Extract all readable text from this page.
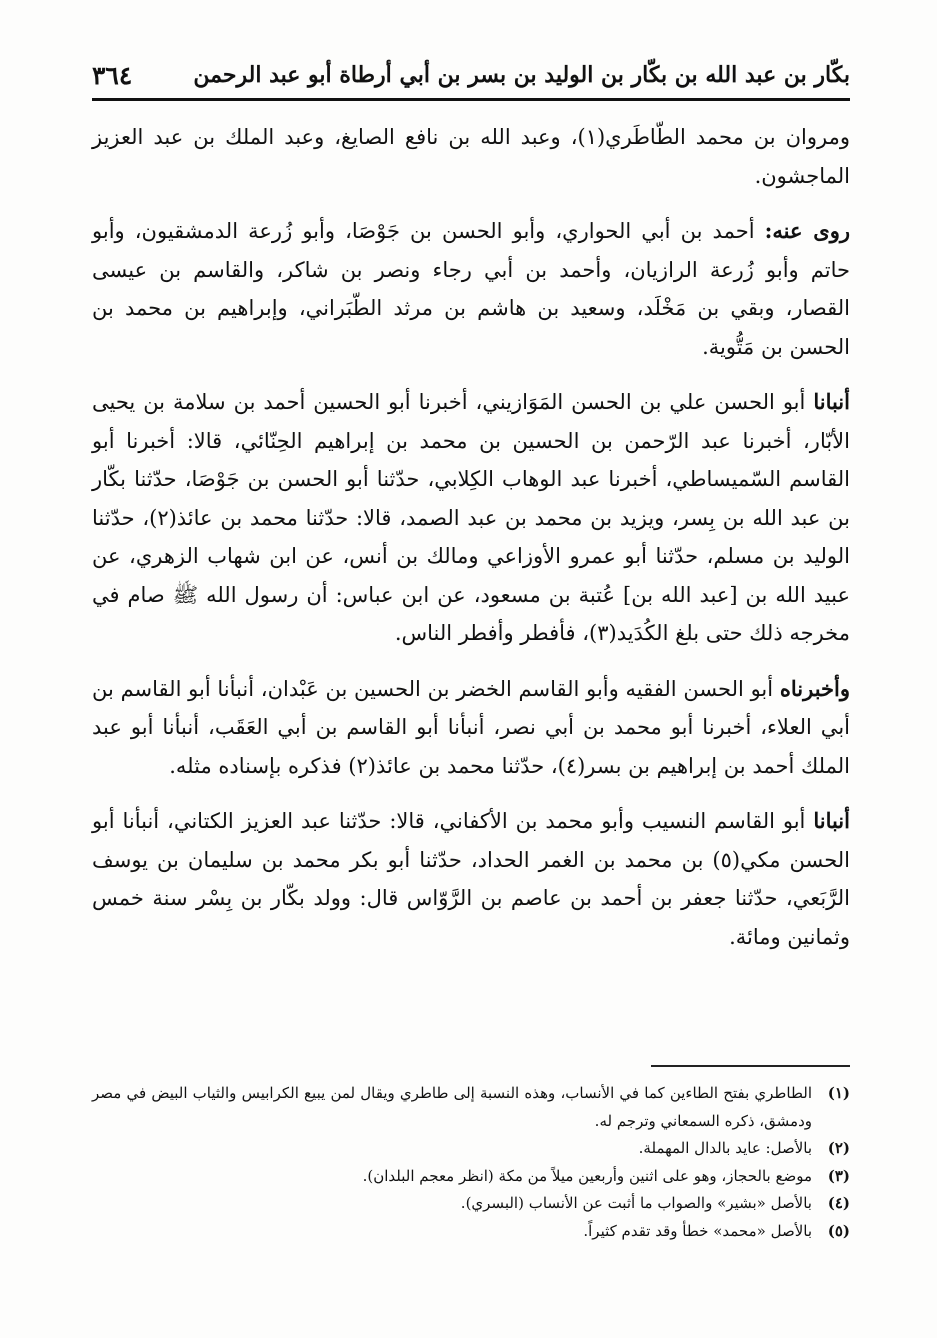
بكّار بن عبد الله بن بكّار بن الوليد بن بسر بن أبي أرطاة أبو عبد الرحمن
٣٦٤

ومروان بن محمد الطّاطَري(١)، وعبد الله بن نافع الصايغ، وعبد الملك بن عبد العزيز الماجشون.

روى عنه: أحمد بن أبي الحواري، وأبو الحسن بن جَوْصَا، وأبو زُرعة الدمشقيون، وأبو حاتم وأبو زُرعة الرازيان، وأحمد بن أبي رجاء ونصر بن شاكر، والقاسم بن عيسى القصار، وبقي بن مَخْلَد، وسعيد بن هاشم بن مرثد الطّبَراني، وإبراهيم بن محمد بن الحسن بن مَتُّوية.

أنبانا أبو الحسن علي بن الحسن المَوَازيني، أخبرنا أبو الحسين أحمد بن سلامة بن يحيى الأبّار، أخبرنا عبد الرّحمن بن الحسين بن محمد بن إبراهيم الحِنّائي، قالا: أخبرنا أبو القاسم السّميساطي، أخبرنا عبد الوهاب الكِلابي، حدّثنا أبو الحسن بن جَوْصَا، حدّثنا بكّار بن عبد الله بن بِسر، ويزيد بن محمد بن عبد الصمد، قالا: حدّثنا محمد بن عائذ(٢)، حدّثنا الوليد بن مسلم، حدّثنا أبو عمرو الأوزاعي ومالك بن أنس، عن ابن شهاب الزهري، عن عبيد الله بن [عبد الله بن] عُتبة بن مسعود، عن ابن عباس: أن رسول الله ﷺ صام في مخرجه ذلك حتى بلغ الكُدَيد(٣)، فأفطر وأفطر الناس.

وأخبرناه أبو الحسن الفقيه وأبو القاسم الخضر بن الحسين بن عَبْدان، أنبأنا أبو القاسم بن أبي العلاء، أخبرنا أبو محمد بن أبي نصر، أنبأنا أبو القاسم بن أبي العَقَب، أنبأنا أبو عبد الملك أحمد بن إبراهيم بن بسر(٤)، حدّثنا محمد بن عائذ(٢) فذكره بإسناده مثله.

أنبانا أبو القاسم النسيب وأبو محمد بن الأكفاني، قالا: حدّثنا عبد العزيز الكتاني، أنبأنا أبو الحسن مكي(٥) بن محمد بن الغمر الحداد، حدّثنا أبو بكر محمد بن سليمان بن يوسف الرَّبَعي، حدّثنا جعفر بن أحمد بن عاصم بن الرَّوّاس قال: وولد بكّار بن بِسْر سنة خمس وثمانين ومائة.

(١)
الطاطري بفتح الطاءين كما في الأنساب، وهذه النسبة إلى طاطري ويقال لمن يبيع الكرابيس والثياب البيض في مصر ودمشق، ذكره السمعاني وترجم له.
(٢)
بالأصل: عايد بالدال المهملة.
(٣)
موضع بالحجاز، وهو على اثنين وأربعين ميلاً من مكة (انظر معجم البلدان).
(٤)
بالأصل «بشير» والصواب ما أثبت عن الأنساب (البسري).
(٥)
بالأصل «محمد» خطأ وقد تقدم كثيراً.
